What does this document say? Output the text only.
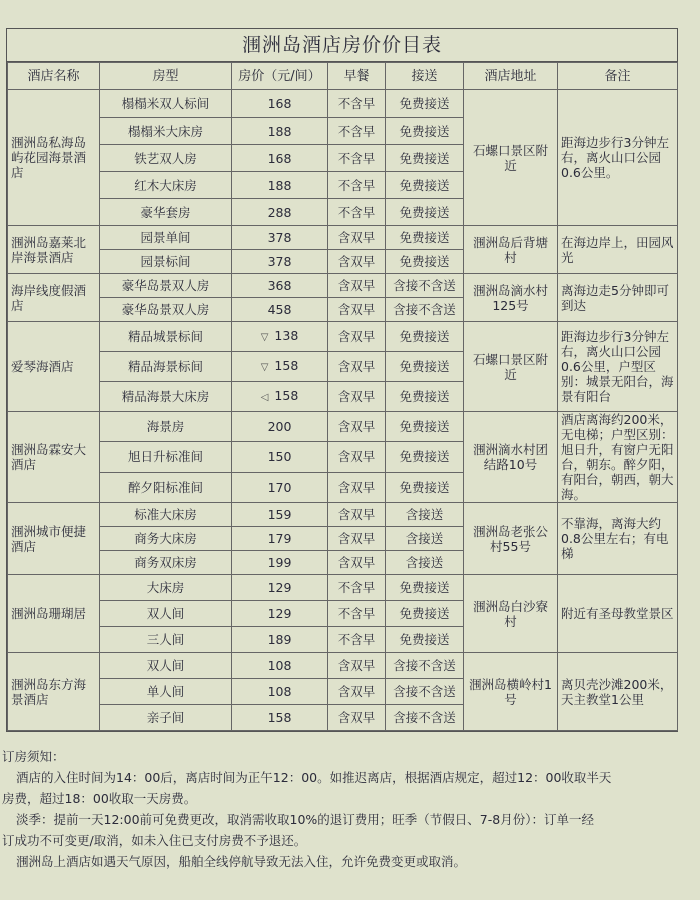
涠洲岛酒店房价价目表
酒店名称	房型	房价（元/间）	早餐	接送	酒店地址	备注
涠洲岛私海岛屿花园海景酒店	榻榻米双人标间	168	不含早	免费接送	石螺口景区附近	距海边步行3分钟左右，离火山口公园0.6公里。
	榻榻米大床房	188	不含早	免费接送		
	铁艺双人房	168	不含早	免费接送		
	红木大床房	188	不含早	免费接送		
	豪华套房	288	不含早	免费接送		
涠洲岛嘉莱北岸海景酒店	园景单间	378	含双早	免费接送	涠洲岛后背塘村	在海边岸上，田园风光
	园景标间	378	含双早	免费接送		
海岸线度假酒店	豪华岛景双人房	368	含双早	含接不含送	涠洲岛滴水村125号	离海边走5分钟即可到达
	豪华岛景双人房	458	含双早	含接不含送		
爱琴海酒店	精品城景标间	▽ 138	含双早	免费接送	石螺口景区附近	距海边步行3分钟左右，离火山口公园0.6公里，户型区别：城景无阳台，海景有阳台
	精品海景标间	▽ 158	含双早	免费接送		
	精品海景大床房	◁ 158	含双早	免费接送		
涠洲岛霖安大酒店	海景房	200	含双早	免费接送	涠洲滴水村团结路10号	酒店离海约200米，无电梯；户型区别：旭日升，有窗户无阳台，朝东。醉夕阳，有阳台，朝西，朝大海。
	旭日升标准间	150	含双早	免费接送		
	醉夕阳标准间	170	含双早	免费接送		
涠洲城市便捷酒店	标准大床房	159	含双早	含接送	涠洲岛老张公村55号	不靠海，离海大约0.8公里左右；有电梯
	商务大床房	179	含双早	含接送		
	商务双床房	199	含双早	含接送		
涠洲岛珊瑚居	大床房	129	不含早	免费接送	涠洲岛白沙寮村	附近有圣母教堂景区
	双人间	129	不含早	免费接送		
	三人间	189	不含早	免费接送		
涠洲岛东方海景酒店	双人间	108	含双早	含接不含送	涠洲岛横岭村1号	离贝壳沙滩200米，天主教堂1公里
	单人间	108	含双早	含接不含送		
	亲子间	158	含双早	含接不含送		
订房须知：
酒店的入住时间为14：00后，离店时间为正午12：00。如推迟离店，根据酒店规定，超过12：00收取半天
房费，超过18：00收取一天房费。
淡季：提前一天12:00前可免费更改，取消需收取10%的退订费用；旺季（节假日、7-8月份）：订单一经
订成功不可变更/取消，如未入住已支付房费不予退还。
涠洲岛上酒店如遇天气原因，船舶全线停航导致无法入住，允许免费变更或取消。
